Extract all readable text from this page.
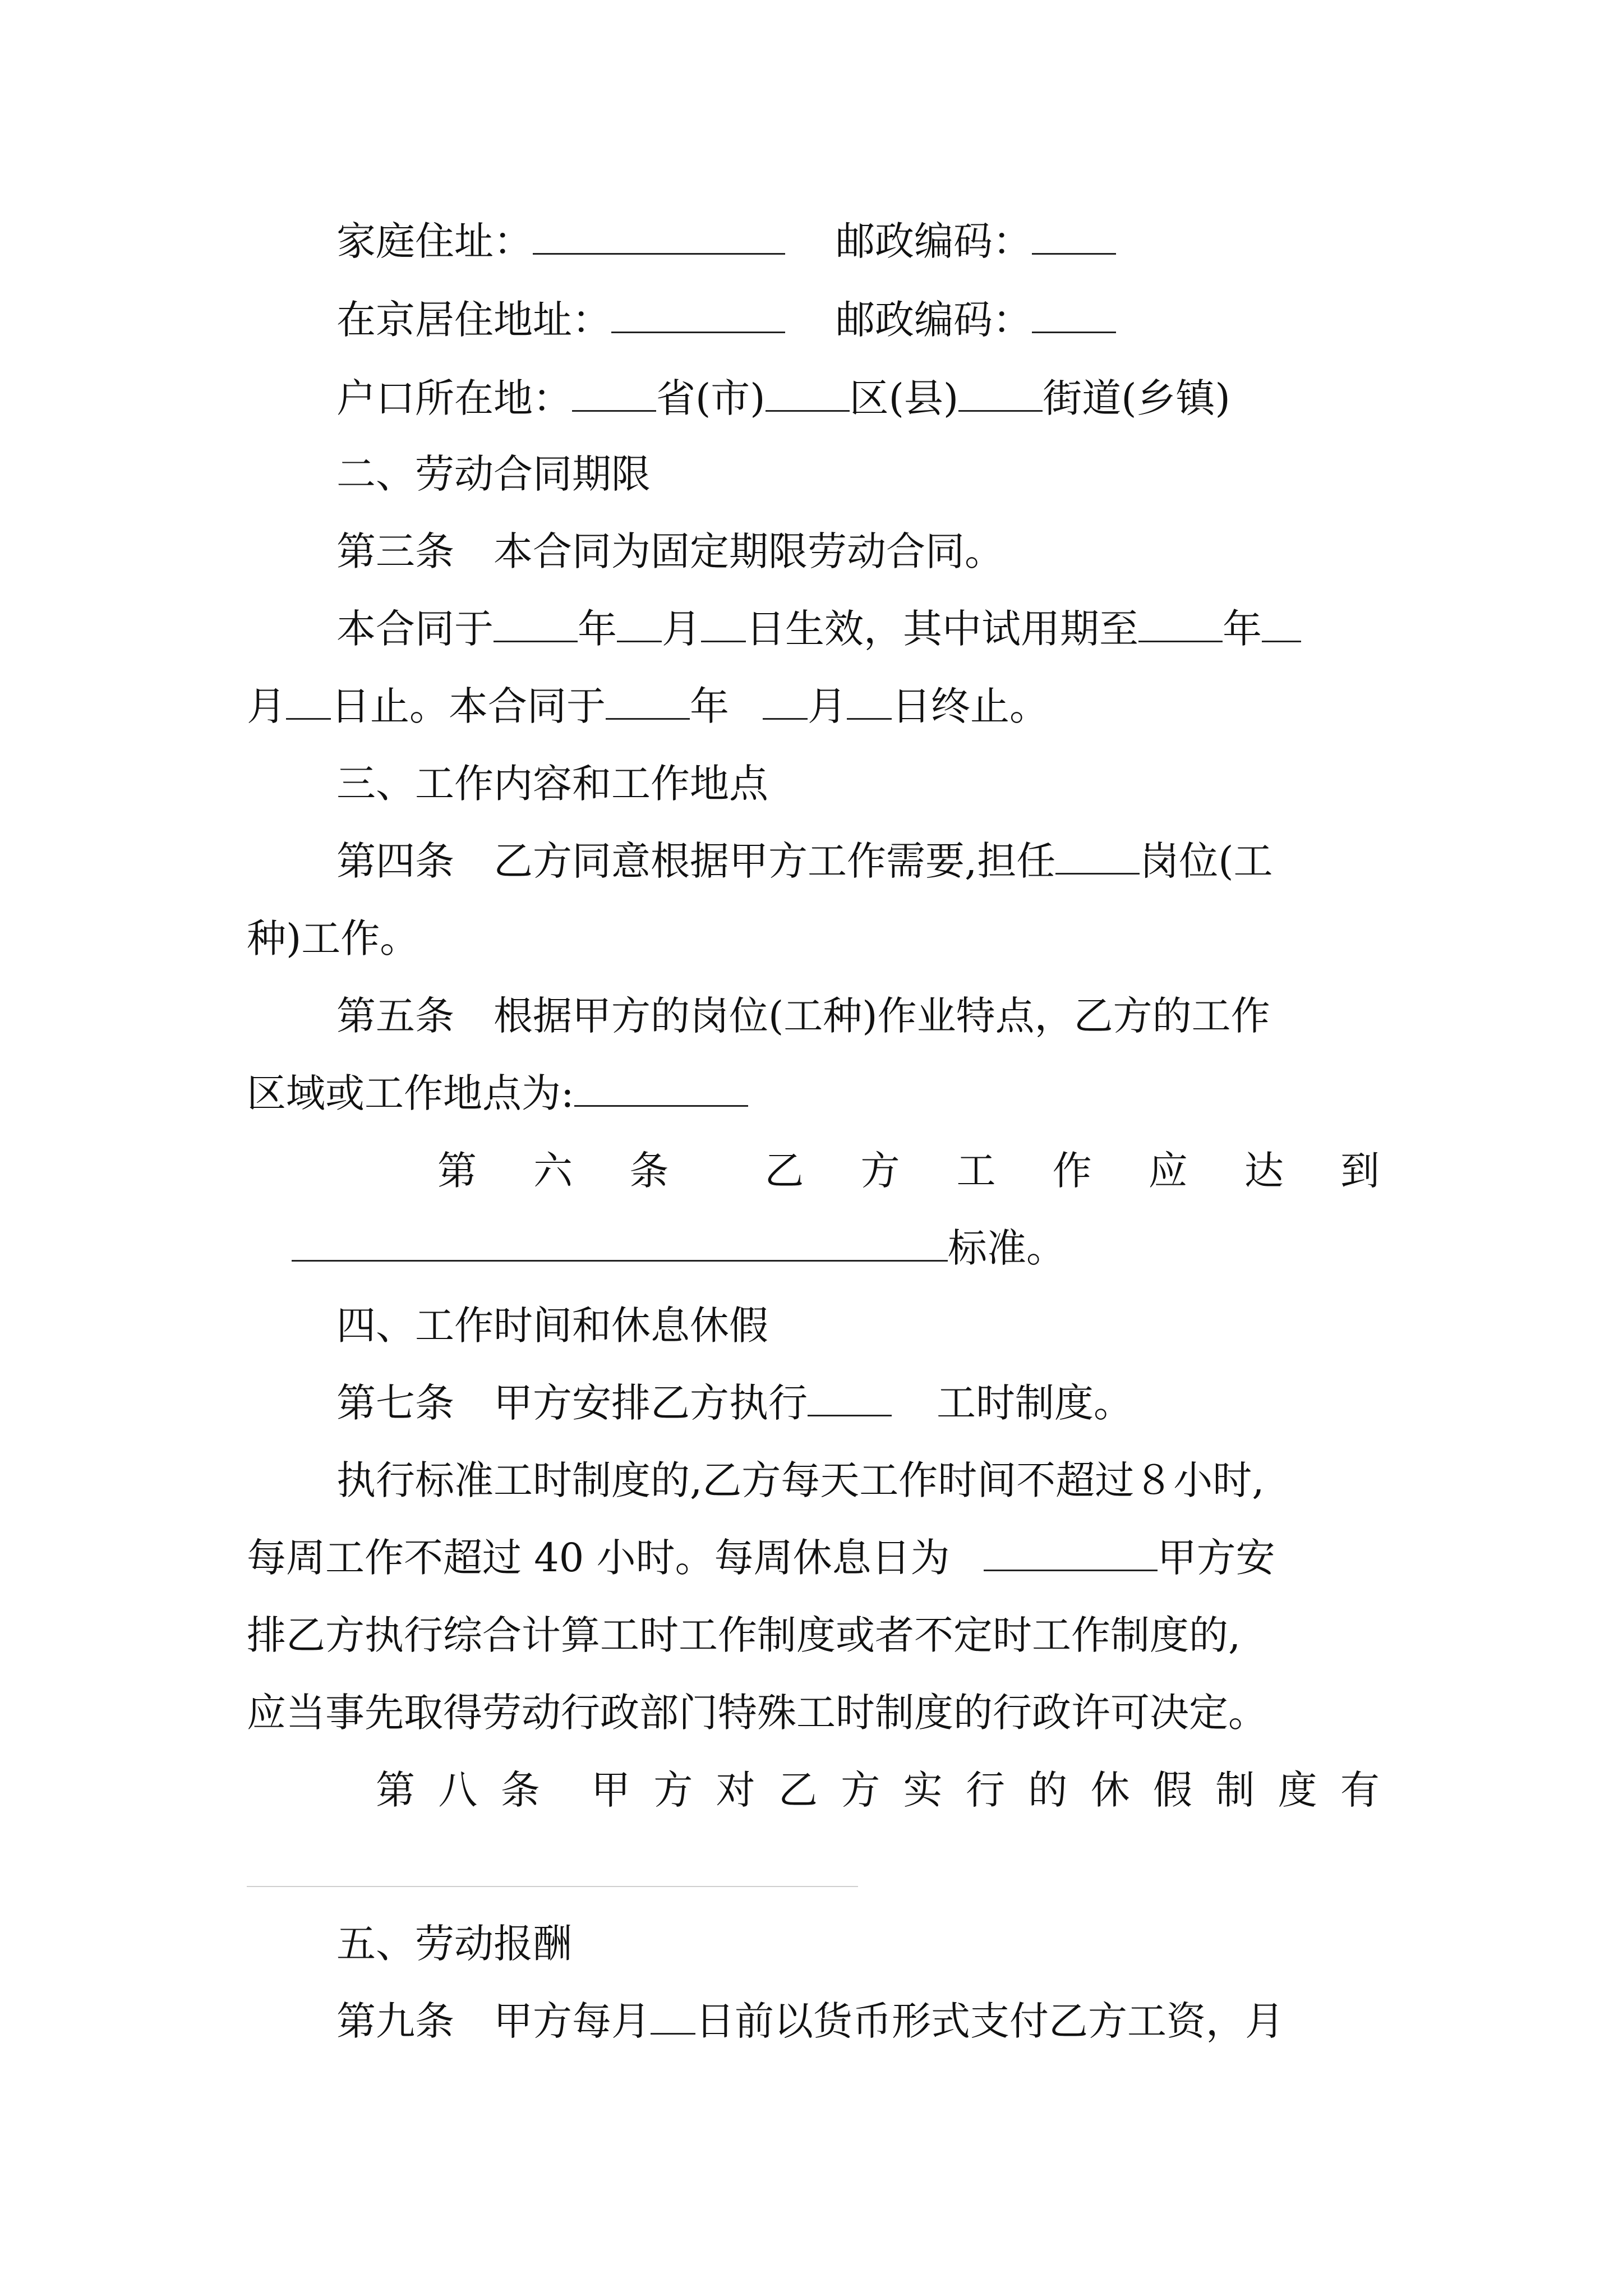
家庭住址：	邮政编码：
在京居住地址：	邮政编码：
户口所在地： 省(市) 区(县) 街道(乡镇)
二、劳动合同期限
第三条　本合同为固定期限劳动合同。
本合同于 年 月 日生效，其中试用期至 年
月 日止。本合同于 年 月 日终止。
三、工作内容和工作地点
第四条　乙方同意根据甲方工作需要,担任 岗位(工
种)工作。
第五条　根据甲方的岗位(工种)作业特点，乙方的工作
区域或工作地点为:
第 六 条 乙 方 工 作 应 达 到
标准。
四、工作时间和休息休假
第七条　甲方安排乙方执行	工时制度。
执行标准工时制度的,乙方每天工作时间不超过８小时,
每周工作不超过 40 小时。每周休息日为	甲方安
排乙方执行综合计算工时工作制度或者不定时工作制度的,
应当事先取得劳动行政部门特殊工时制度的行政许可决定。
第 八 条 甲 方 对 乙 方 实 行 的 休 假 制 度 有
五、劳动报酬
第九条　甲方每月 日前以货币形式支付乙方工资，月
